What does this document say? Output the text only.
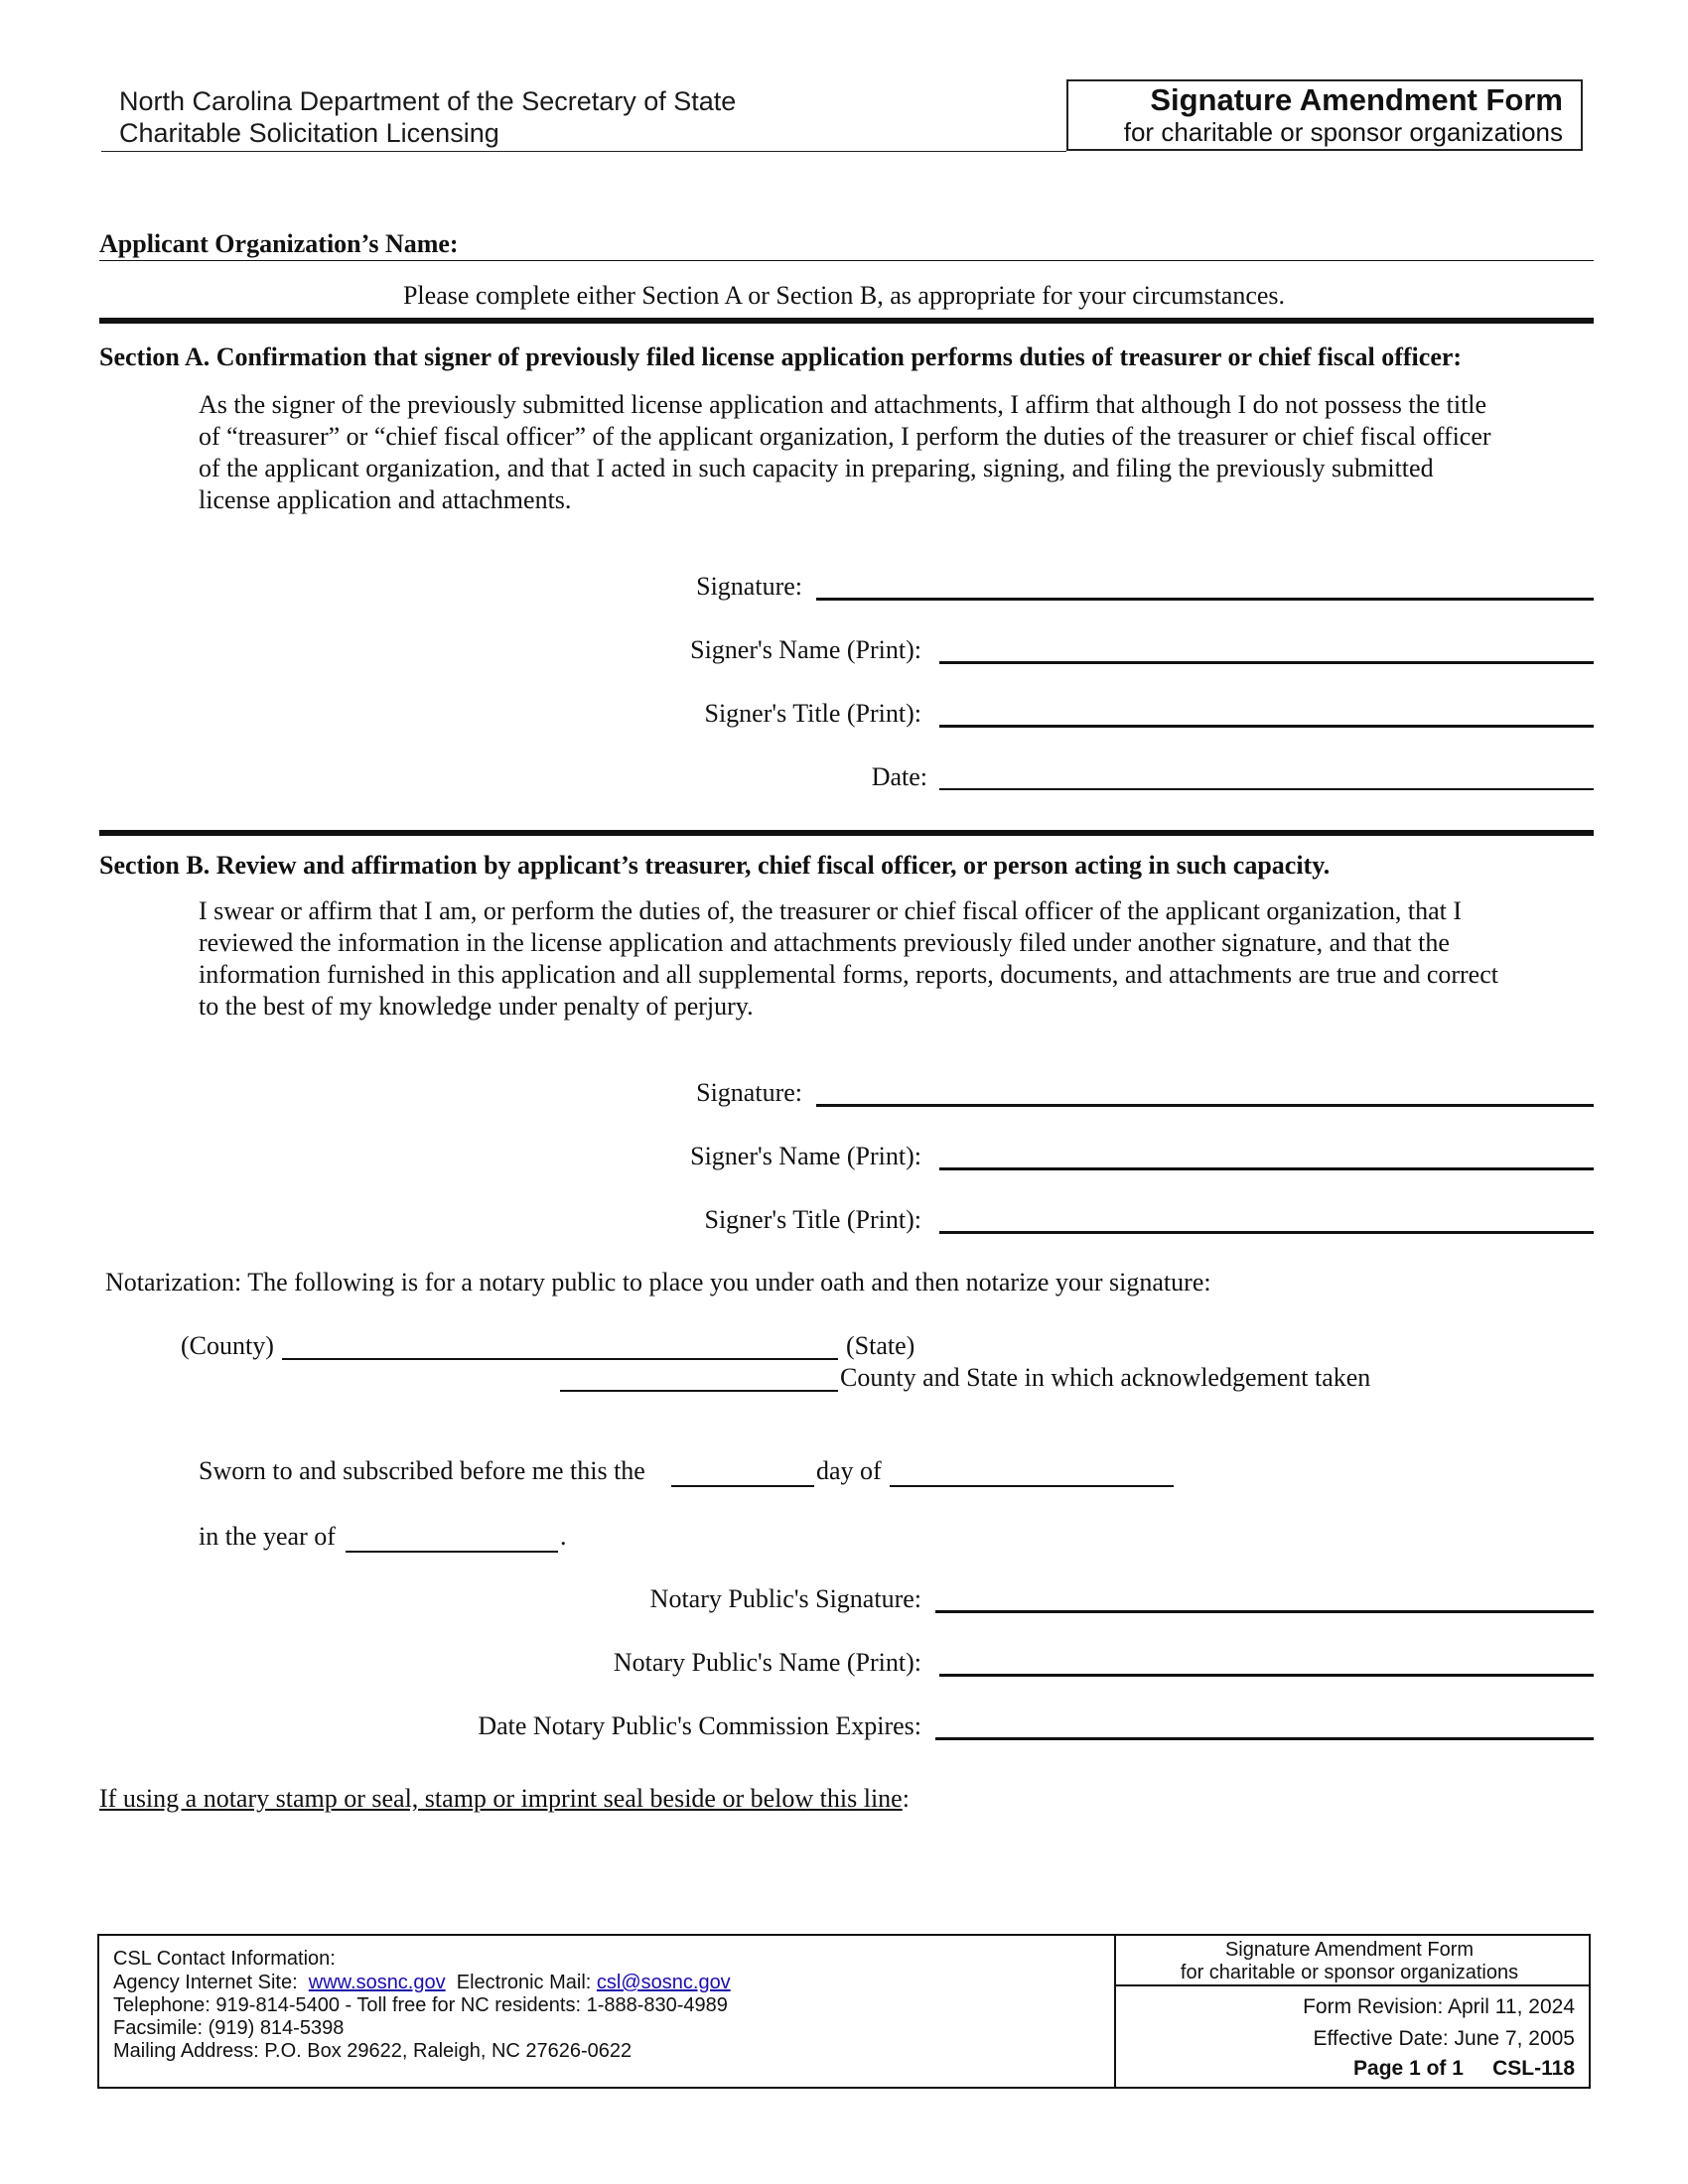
North Carolina Department of the Secretary of State
Charitable Solicitation Licensing
Signature Amendment Form
for charitable or sponsor organizations
Applicant Organization’s Name:
Please complete either Section A or Section B, as appropriate for your circumstances.
Section A. Confirmation that signer of previously filed license application performs duties of treasurer or chief fiscal officer:
As the signer of the previously submitted license application and attachments, I affirm that although I do not possess the title
of “treasurer” or “chief fiscal officer” of the applicant organization, I perform the duties of the treasurer or chief fiscal officer
of the applicant organization, and that I acted in such capacity in preparing, signing, and filing the previously submitted
license application and attachments.
Signature:
Signer's Name (Print):
Signer's Title (Print):
Date:
Section B. Review and affirmation by applicant’s treasurer, chief fiscal officer, or person acting in such capacity.
I swear or affirm that I am, or perform the duties of, the treasurer or chief fiscal officer of the applicant organization, that I
reviewed the information in the license application and attachments previously filed under another signature, and that the
information furnished in this application and all supplemental forms, reports, documents, and attachments are true and correct
to the best of my knowledge under penalty of perjury.
Signature:
Signer's Name (Print):
Signer's Title (Print):
Notarization: The following is for a notary public to place you under oath and then notarize your signature:
(County)	(State)
County and State in which acknowledgement taken
Sworn to and subscribed before me this the	day of
in the year of	.
Notary Public's Signature:
Notary Public's Name (Print):
Date Notary Public's Commission Expires:
If using a notary stamp or seal, stamp or imprint seal beside or below this line:
CSL Contact Information:
Agency Internet Site:  www.sosnc.gov  Electronic Mail: csl@sosnc.gov
Telephone: 919-814-5400 - Toll free for NC residents: 1-888-830-4989
Facsimile: (919) 814-5398
Mailing Address: P.O. Box 29622, Raleigh, NC 27626-0622
Signature Amendment Form
for charitable or sponsor organizations
Form Revision: April 11, 2024
Effective Date: June 7, 2005
Page 1 of 1 CSL-118
